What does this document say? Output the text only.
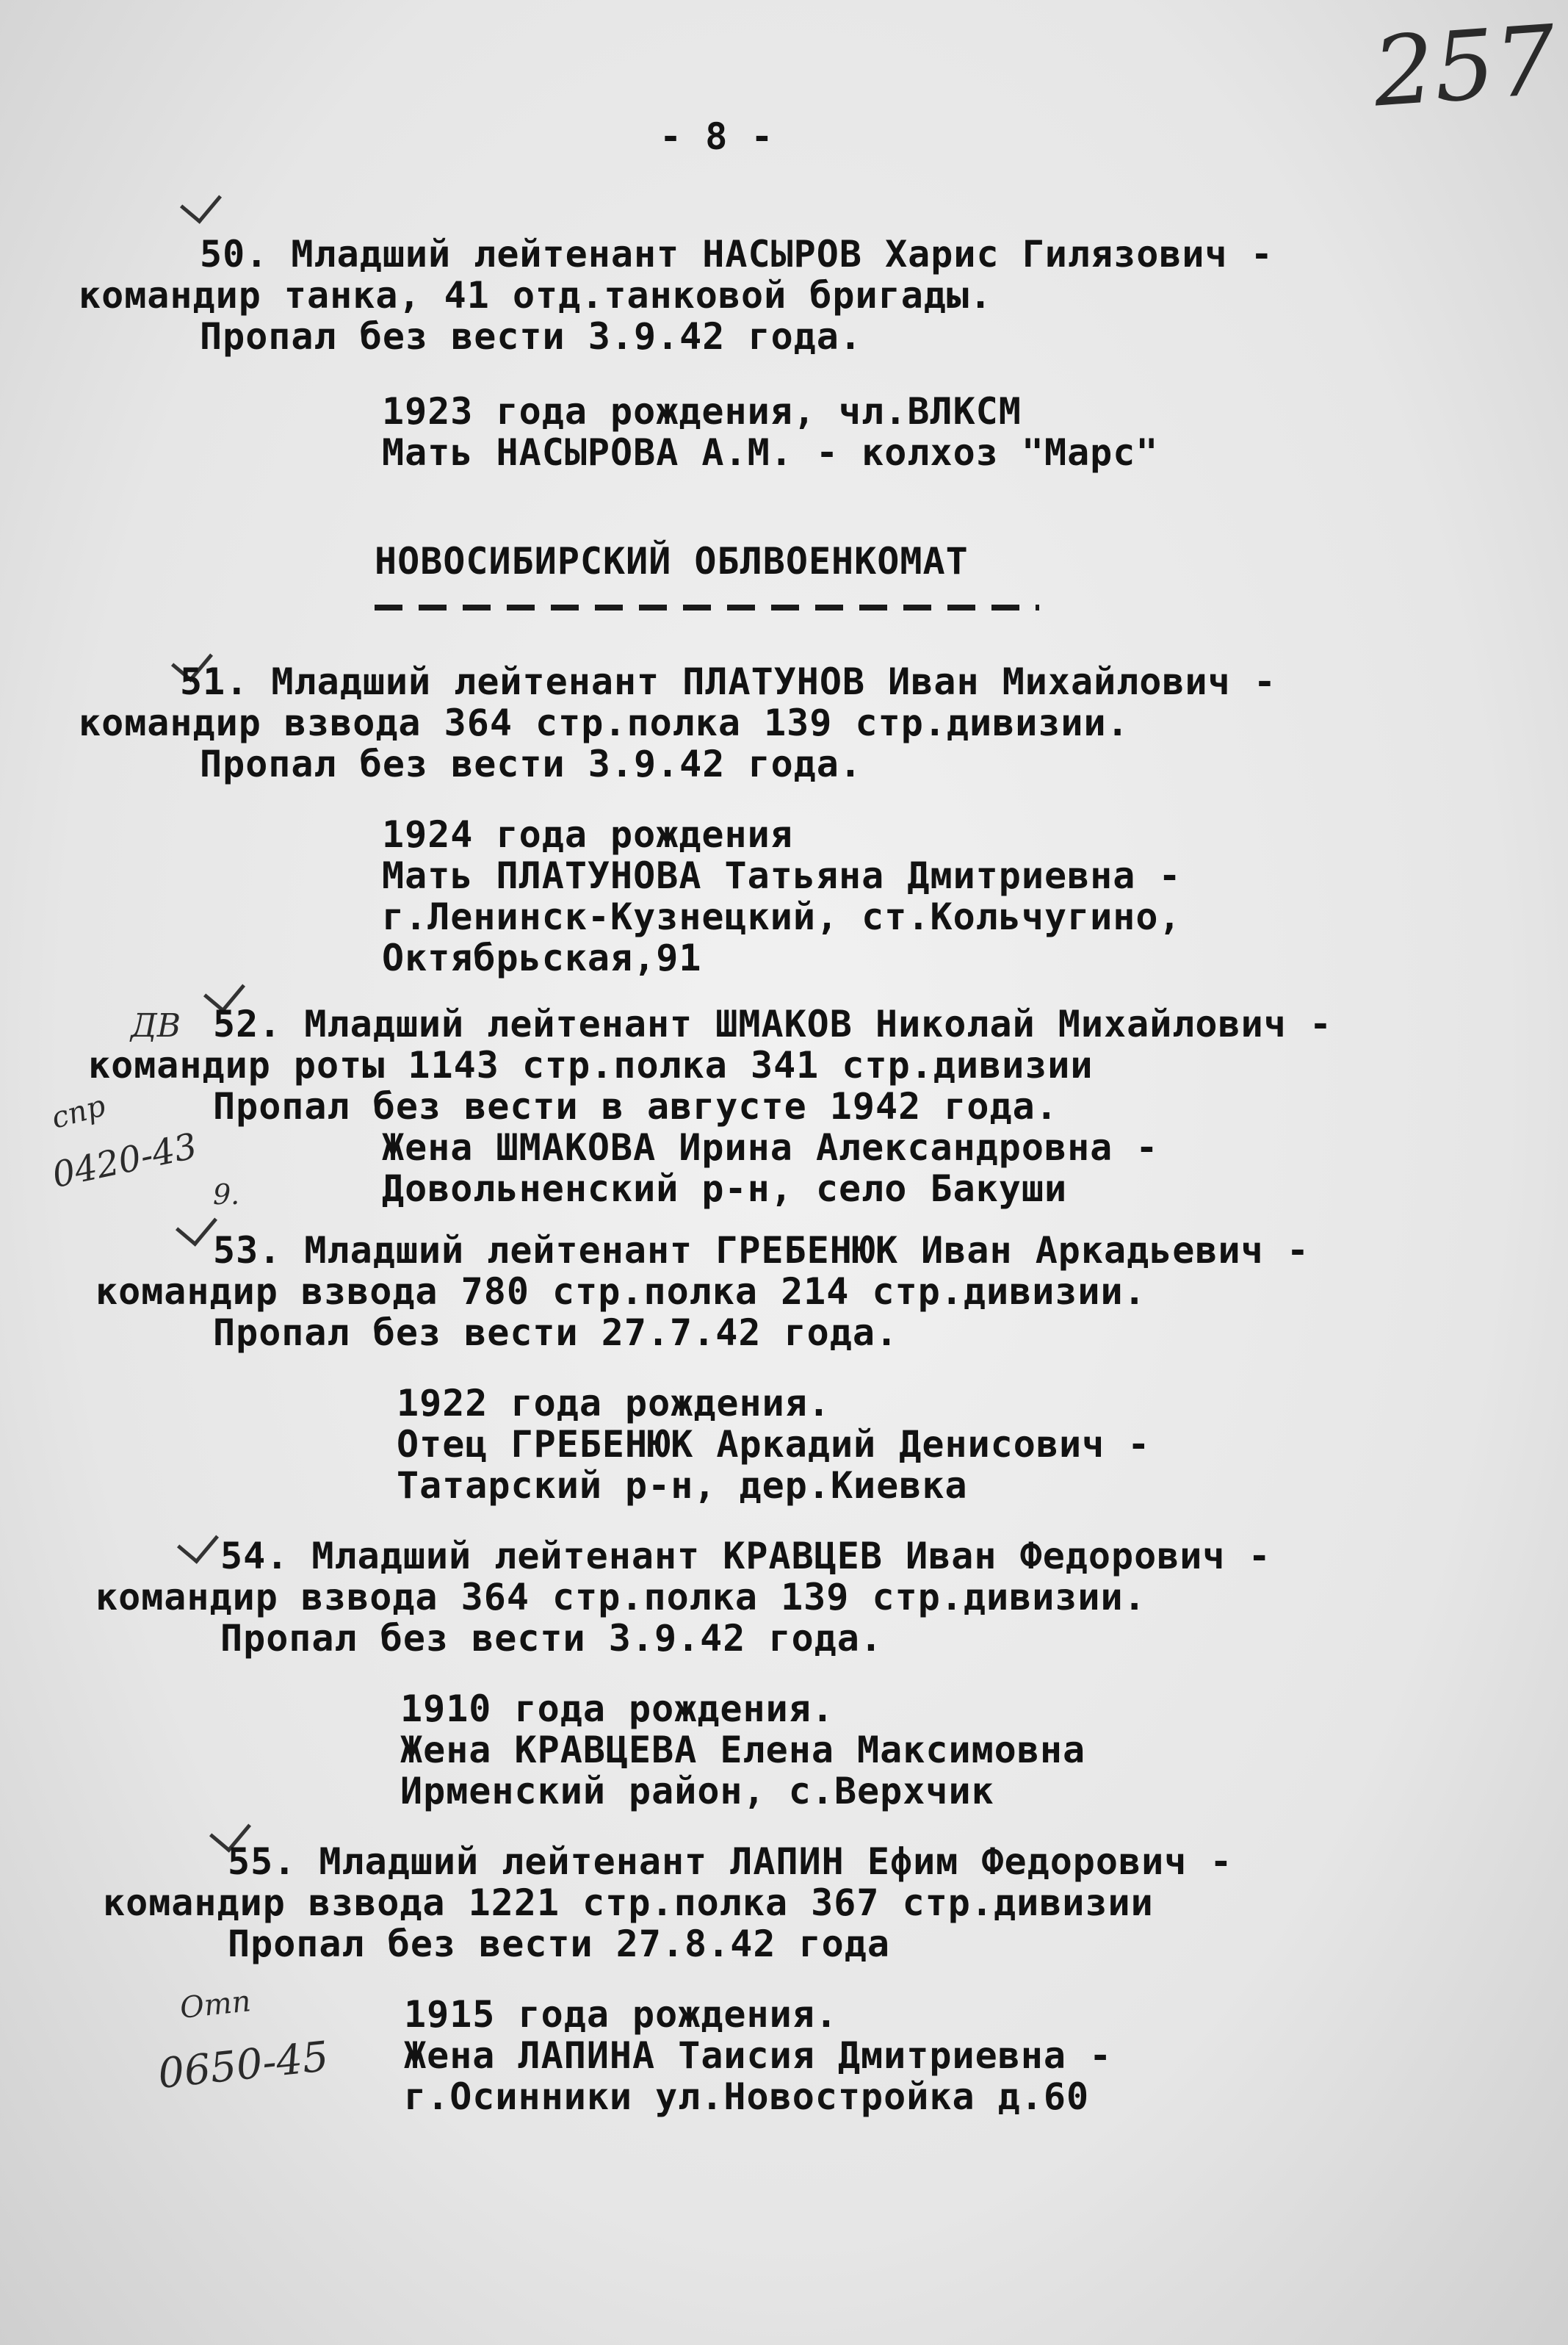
257
- 8 -
50. Младший лейтенант НАСЫРОВ Харис Гилязович -
командир танка, 41 отд.танковой бригады.
Пропал без вести 3.9.42 года.
1923 года рождения, чл.ВЛКСМ
Мать НАСЫРОВА А.М. - колхоз "Марс"
НОВОСИБИРСКИЙ ОБЛВОЕНКОМАТ
51. Младший лейтенант ПЛАТУНОВ Иван Михайлович -
командир взвода 364 стр.полка 139 стр.дивизии.
Пропал без вести 3.9.42 года.
1924 года рождения
Мать ПЛАТУНОВА Татьяна Дмитриевна -
г.Ленинск-Кузнецкий, ст.Кольчугино,
Октябрьская,91
ДВ 52. Младший лейтенант ШМАКОВ Николай Михайлович -
командир роты 1143 стр.полка 341 стр.дивизии
Пропал без вести в августе 1942 года.
Жена ШМАКОВА Ирина Александровна -
Довольненский р-н, село Бакуши
спр
0420-43 9.
53. Младший лейтенант ГРЕБЕНЮК Иван Аркадьевич -
командир взвода 780 стр.полка 214 стр.дивизии.
Пропал без вести 27.7.42 года.
1922 года рождения.
Отец ГРЕБЕНЮК Аркадий Денисович -
Татарский р-н, дер.Киевка
54. Младший лейтенант КРАВЦЕВ Иван Федорович -
командир взвода 364 стр.полка 139 стр.дивизии.
Пропал без вести 3.9.42 года.
1910 года рождения.
Жена КРАВЦЕВА Елена Максимовна
Ирменский район, с.Верхчик
55. Младший лейтенант ЛАПИН Ефим Федорович -
командир взвода 1221 стр.полка 367 стр.дивизии
Пропал без вести 27.8.42 года
1915 года рождения.
Жена ЛАПИНА Таисия Дмитриевна -
г.Осинники ул.Новостройка д.60
Отп
0650-45
